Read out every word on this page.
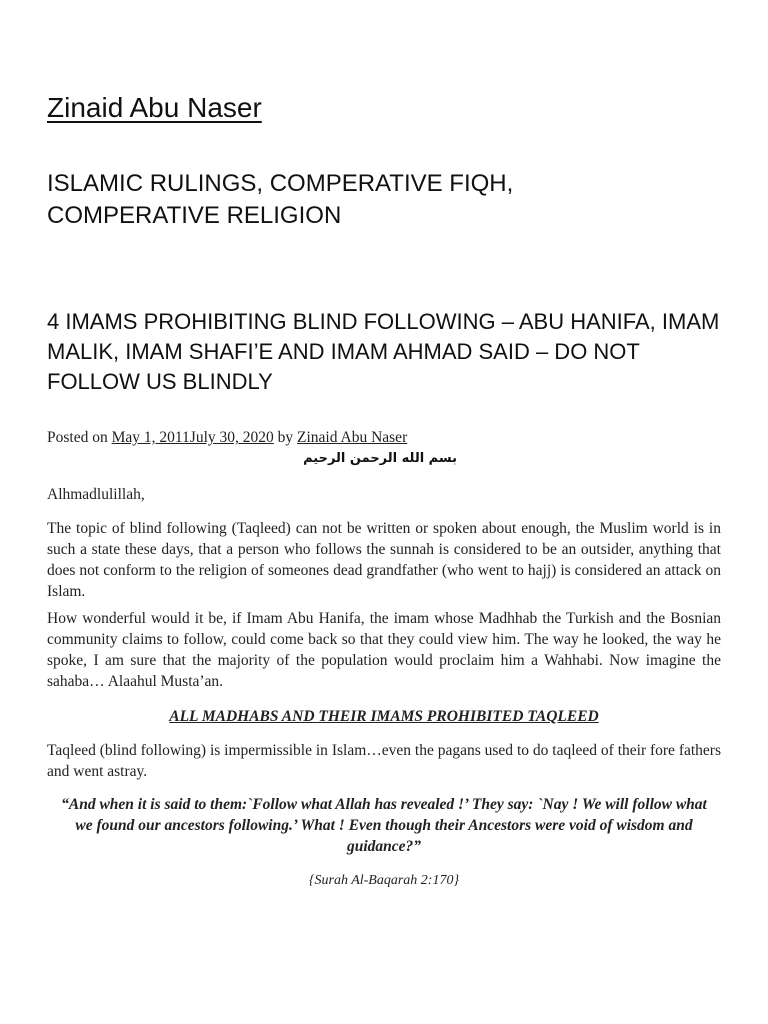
Zinaid Abu Naser

ISLAMIC RULINGS, COMPERATIVE FIQH, COMPERATIVE RELIGION

4 IMAMS PROHIBITING BLIND FOLLOWING – ABU HANIFA, IMAM MALIK, IMAM SHAFI’E AND IMAM AHMAD SAID – DO NOT FOLLOW US BLINDLY
Posted on May 1, 2011July 30, 2020 by Zinaid Abu Naser
بسم الله الرحمن الرحيم

Alhmadlulillah,

The topic of blind following (Taqleed) can not be written or spoken about enough, the Muslim world is in such a state these days, that a person who follows the sunnah is considered to be an outsider, anything that does not conform to the religion of someones dead grandfather (who went to hajj) is considered an attack on Islam.

How wonderful would it be, if Imam Abu Hanifa, the imam whose Madhhab the Turkish and the Bosnian community claims to follow, could come back so that they could view him. The way he looked, the way he spoke, I am sure that the majority of the population would proclaim him a Wahhabi. Now imagine the sahaba… Alaahul Musta’an.

ALL MADHABS AND THEIR IMAMS PROHIBITED TAQLEED

Taqleed (blind following) is impermissible in Islam…even the pagans used to do taqleed of their fore fathers and went astray.

“And when it is said to them:`Follow what Allah has revealed !’ They say: `Nay ! We will follow what we found our ancestors following.’ What ! Even though their Ancestors were void of wisdom and guidance?”

{Surah Al-Baqarah 2:170}
